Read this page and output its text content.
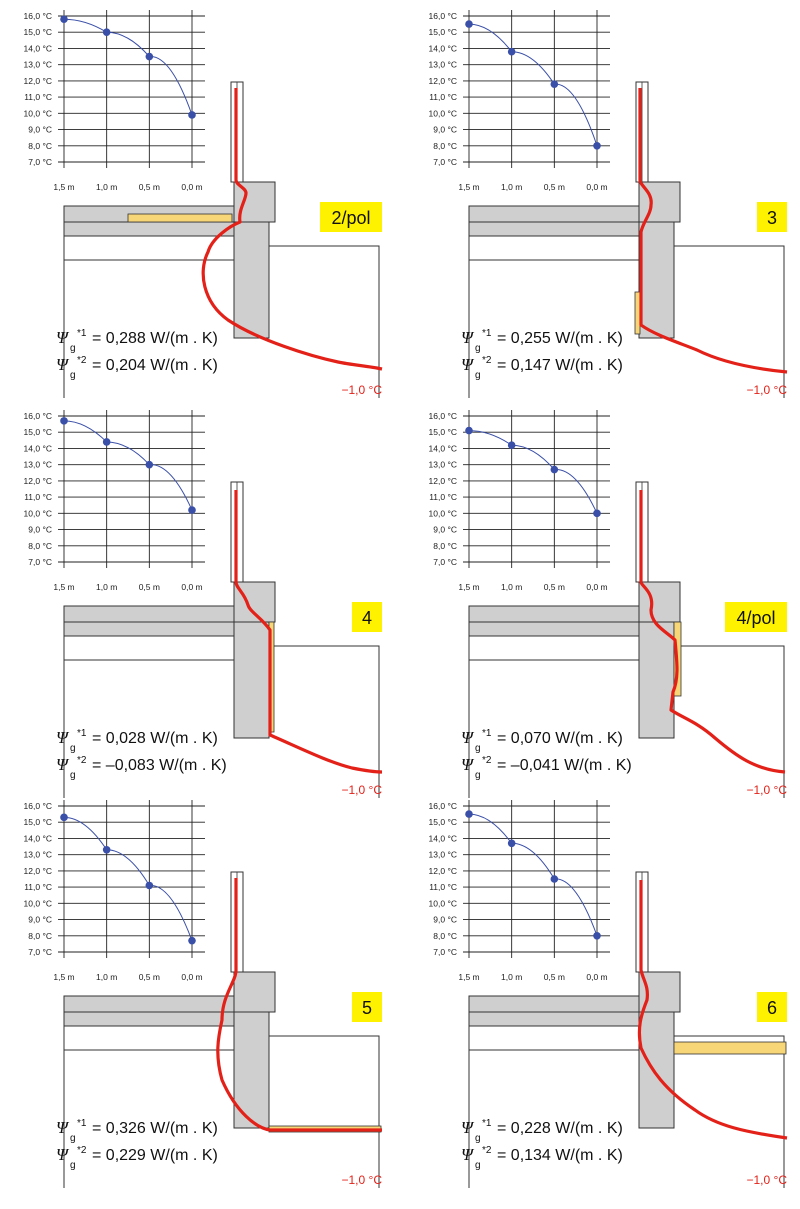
16,0 °C
15,0 °C
14,0 °C
13,0 °C
12,0 °C
11,0 °C
10,0 °C
9,0 °C
8,0 °C
7,0 °C
1,5 m	1,0 m	0,5 m	0,0 m
2/pol
Ψ
g
*1 = 0,288 W/(m . K)
Ψ
g
*2 = 0,204 W/(m . K)
−1,0 °C
16,0 °C
15,0 °C
14,0 °C
13,0 °C
12,0 °C
11,0 °C
10,0 °C
9,0 °C
8,0 °C
7,0 °C
1,5 m	1,0 m	0,5 m	0,0 m
3
Ψ
g
*1 = 0,255 W/(m . K)
Ψ
g
*2 = 0,147 W/(m . K)
−1,0 °C
16,0 °C
15,0 °C
14,0 °C
13,0 °C
12,0 °C
11,0 °C
10,0 °C
9,0 °C
8,0 °C
7,0 °C
1,5 m	1,0 m	0,5 m	0,0 m
4
Ψ
g
*1 = 0,028 W/(m . K)
Ψ
g
*2 = –0,083 W/(m . K)
−1,0 °C
16,0 °C
15,0 °C
14,0 °C
13,0 °C
12,0 °C
11,0 °C
10,0 °C
9,0 °C
8,0 °C
7,0 °C
1,5 m	1,0 m	0,5 m	0,0 m
4/pol
Ψ
g
*1 = 0,070 W/(m . K)
Ψ
g
*2 = –0,041 W/(m . K)
−1,0 °C
16,0 °C
15,0 °C
14,0 °C
13,0 °C
12,0 °C
11,0 °C
10,0 °C
9,0 °C
8,0 °C
7,0 °C
1,5 m	1,0 m	0,5 m	0,0 m
5
Ψ
g
*1 = 0,326 W/(m . K)
Ψ
g
*2 = 0,229 W/(m . K)
−1,0 °C
16,0 °C
15,0 °C
14,0 °C
13,0 °C
12,0 °C
11,0 °C
10,0 °C
9,0 °C
8,0 °C
7,0 °C
1,5 m	1,0 m	0,5 m	0,0 m
6
Ψ
g
*1 = 0,228 W/(m . K)
Ψ
g
*2 = 0,134 W/(m . K)
−1,0 °C
